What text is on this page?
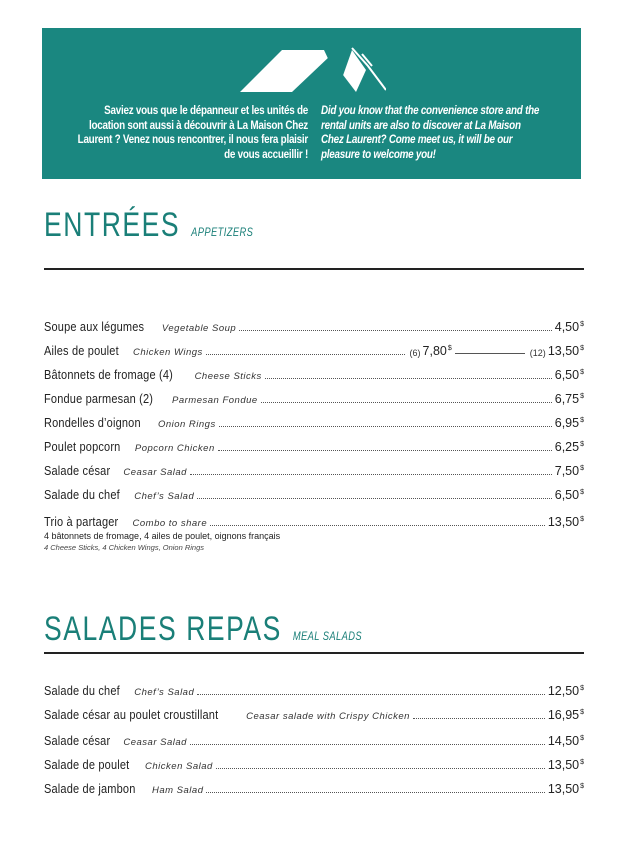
Saviez vous que le dépanneur et les unités de location sont aussi à découvrir à La Maison Chez Laurent ? Venez nous rencontrer, il nous fera plaisir de vous accueillir !
Did you know that the convenience store and the rental units are also to discover at La Maison Chez Laurent? Come meet us, it will be our pleasure to welcome you!
ENTRÉES APPETIZERS
Soupe aux légumes Vegetable Soup	4,50$
Ailes de poulet Chicken Wings	(6) 7,80$	(12) 13,50$
Bâtonnets de fromage (4) Cheese Sticks	6,50$
Fondue parmesan (2) Parmesan Fondue	6,75$
Rondelles d’oignon Onion Rings	6,95$
Poulet popcorn Popcorn Chicken	6,25$
Salade césar Ceasar Salad	7,50$
Salade du chef Chef’s Salad	6,50$
Trio à partager Combo to share	13,50$
4 bâtonnets de fromage, 4 ailes de poulet, oignons français
4 Cheese Sticks, 4 Chicken Wings, Onion Rings
SALADES REPAS MEAL SALADS
Salade du chef Chef’s Salad	12,50$
Salade césar au poulet croustillant	Ceasar salade with Crispy Chicken	16,95$
Salade césar Ceasar Salad	14,50$
Salade de poulet Chicken Salad	13,50$
Salade de jambon Ham Salad	13,50$
